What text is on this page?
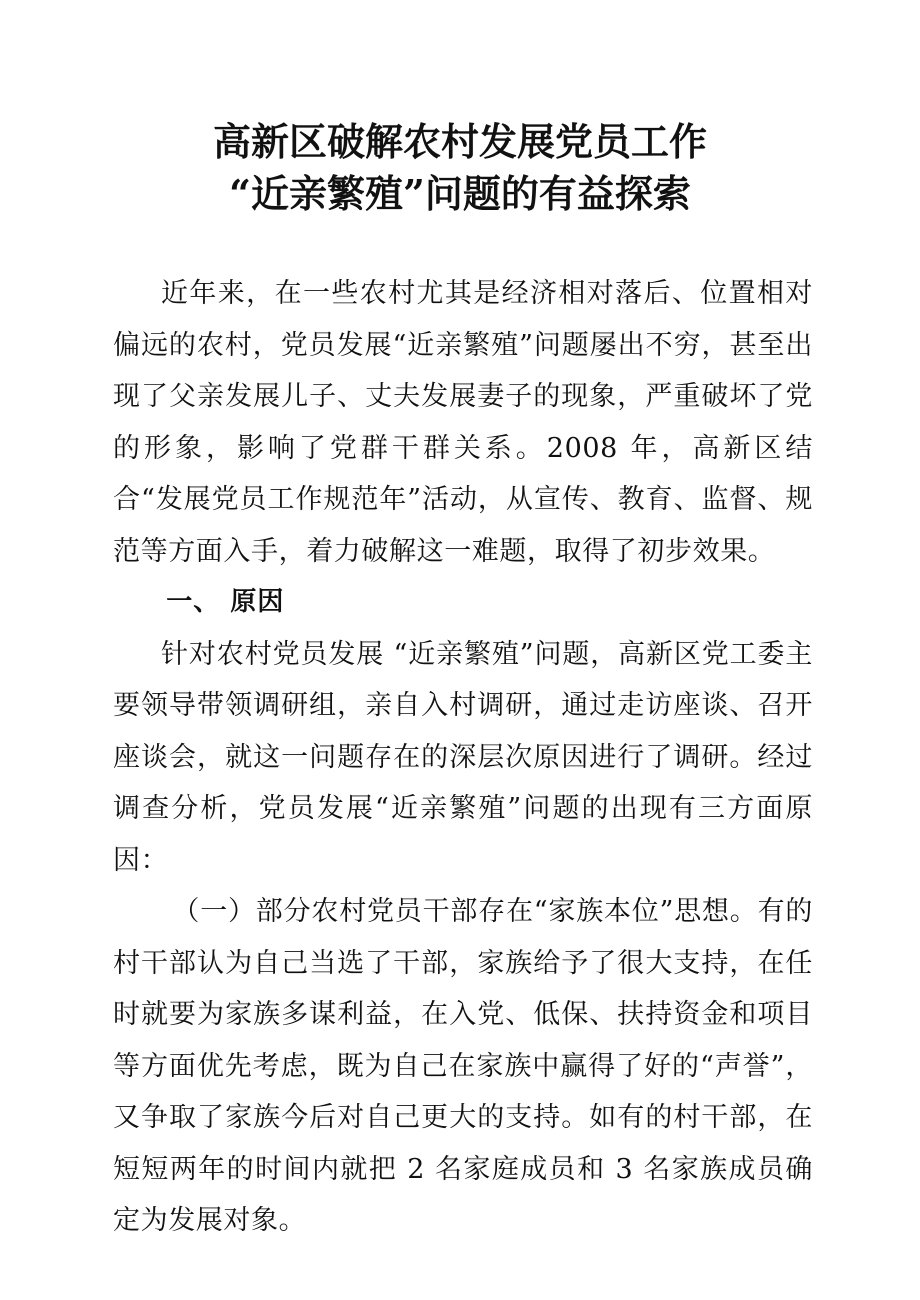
高新区破解农村发展党员工作
“近亲繁殖”问题的有益探索

近年来，在一些农村尤其是经济相对落后、位置相对偏远的农村，党员发展“近亲繁殖”问题屡出不穷，甚至出现了父亲发展儿子、丈夫发展妻子的现象，严重破坏了党的形象，影响了党群干群关系。2008 年，高新区结合“发展党员工作规范年”活动，从宣传、教育、监督、规范等方面入手，着力破解这一难题，取得了初步效果。

一、 原因

针对农村党员发展 “近亲繁殖”问题，高新区党工委主要领导带领调研组，亲自入村调研，通过走访座谈、召开座谈会，就这一问题存在的深层次原因进行了调研。经过调查分析，党员发展“近亲繁殖”问题的出现有三方面原因：

（一）部分农村党员干部存在“家族本位”思想。有的村干部认为自己当选了干部，家族给予了很大支持，在任时就要为家族多谋利益，在入党、低保、扶持资金和项目等方面优先考虑，既为自己在家族中赢得了好的“声誉”，又争取了家族今后对自己更大的支持。如有的村干部，在短短两年的时间内就把 2 名家庭成员和 3 名家族成员确定为发展对象。
